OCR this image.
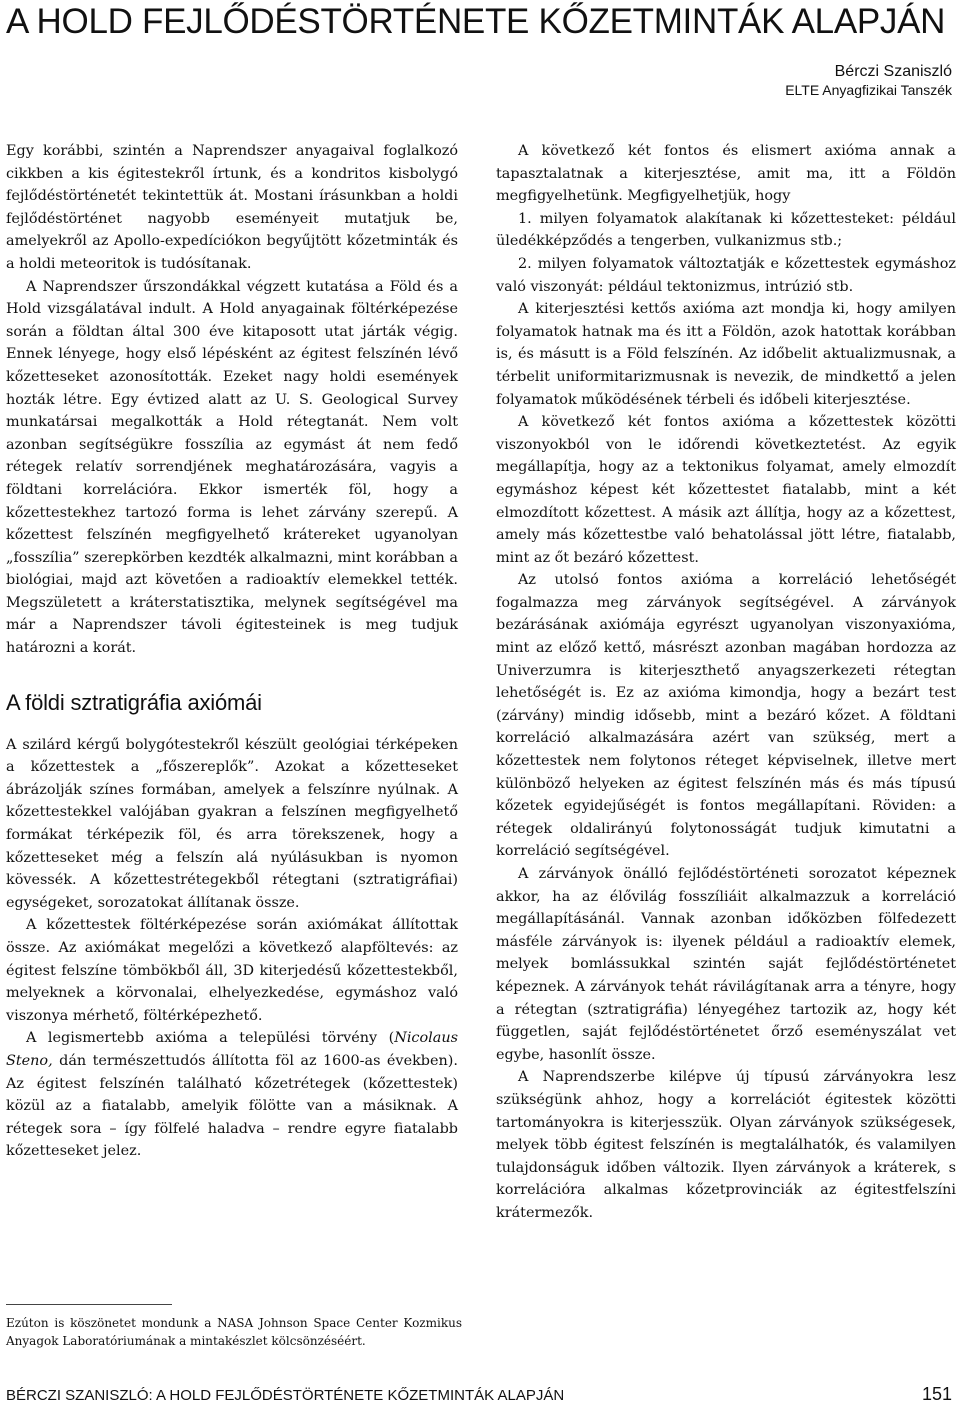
A HOLD FEJLŐDÉSTÖRTÉNETE KŐZETMINTÁK ALAPJÁN
Bérczi Szaniszló
ELTE Anyagfizikai Tanszék

Egy korábbi, szintén a Naprendszer anyagaival foglalkozó cikkben a kis égitestekről írtunk, és a kondritos kisbolygó fejlődéstörténetét tekintettük át. Mostani írásunkban a holdi fejlődéstörténet nagyobb eseményeit mutatjuk be, amelyekről az Apollo-expedíciókon begyűjtött kőzetminták és a holdi meteoritok is tudósítanak.

A Naprendszer űrszondákkal végzett kutatása a Föld és a Hold vizsgálatával indult. A Hold anyagainak föltérképezése során a földtan által 300 éve kitaposott utat járták végig. Ennek lényege, hogy első lépésként az égitest felszínén lévő kőzetteseket azonosították. Ezeket nagy holdi események hozták létre. Egy évtized alatt az U. S. Geological Survey munkatársai megalkották a Hold rétegtanát. Nem volt azonban segítségükre fosszília az egymást át nem fedő rétegek relatív sorrendjének meghatározására, vagyis a földtani korrelációra. Ekkor ismerték föl, hogy a kőzettestekhez tartozó forma is lehet zárvány szerepű. A kőzettest felszínén megfigyelhető krátereket ugyanolyan „fosszília” szerepkörben kezdték alkalmazni, mint korábban a biológiai, majd azt követően a radioaktív elemekkel tették. Megszületett a kráterstatisztika, melynek segítségével ma már a Naprendszer távoli égitesteinek is meg tudjuk határozni a korát.

A földi sztratigráfia axiómái

A szilárd kérgű bolygótestekről készült geológiai térképeken a kőzettestek a „főszereplők”. Azokat a kőzetteseket ábrázolják színes formában, amelyek a felszínre nyúlnak. A kőzettestekkel valójában gyakran a felszínen megfigyelhető formákat térképezik föl, és arra törekszenek, hogy a kőzetteseket még a felszín alá nyúlásukban is nyomon kövessék. A kőzettestrétegekből rétegtani (sztratigráfiai) egységeket, sorozatokat állítanak össze.

A kőzettestek föltérképezése során axiómákat állítottak össze. Az axiómákat megelőzi a következő alapföltevés: az égitest felszíne tömbökből áll, 3D kiterjedésű kőzettestekből, melyeknek a körvonalai, elhelyezkedése, egymáshoz való viszonya mérhető, föltérképezhető.

A legismertebb axióma a települési törvény (Nicolaus Steno, dán természettudós állította föl az 1600-as években). Az égitest felszínén található kőzetrétegek (kőzettestek) közül az a fiatalabb, amelyik fölötte van a másiknak. A rétegek sora – így fölfelé haladva – rendre egyre fiatalabb kőzetteseket jelez.

Ezúton is köszönetet mondunk a NASA Johnson Space Center Kozmikus Anyagok Laboratóriumának a mintakészlet kölcsönzéséért.

A következő két fontos és elismert axióma annak a tapasztalatnak a kiterjesztése, amit ma, itt a Földön megfigyelhetünk. Megfigyelhetjük, hogy

1. milyen folyamatok alakítanak ki kőzettesteket: például üledékképződés a tengerben, vulkanizmus stb.;

2. milyen folyamatok változtatják e kőzettestek egymáshoz való viszonyát: például tektonizmus, intrúzió stb.

A kiterjesztési kettős axióma azt mondja ki, hogy amilyen folyamatok hatnak ma és itt a Földön, azok hatottak korábban is, és másutt is a Föld felszínén. Az időbelit aktualizmusnak, a térbelit uniformitarizmusnak is nevezik, de mindkettő a jelen folyamatok működésének térbeli és időbeli kiterjesztése.

A következő két fontos axióma a kőzettestek közötti viszonyokból von le időrendi következtetést. Az egyik megállapítja, hogy az a tektonikus folyamat, amely elmozdít egymáshoz képest két kőzettestet fiatalabb, mint a két elmozdított kőzettest. A másik azt állítja, hogy az a kőzettest, amely más kőzettestbe való behatolással jött létre, fiatalabb, mint az őt bezáró kőzettest.

Az utolsó fontos axióma a korreláció lehetőségét fogalmazza meg zárványok segítségével. A zárványok bezárásának axiómája egyrészt ugyanolyan viszonyaxióma, mint az előző kettő, másrészt azonban magában hordozza az Univerzumra is kiterjeszthető anyagszerkezeti rétegtan lehetőségét is. Ez az axióma kimondja, hogy a bezárt test (zárvány) mindig idősebb, mint a bezáró kőzet. A földtani korreláció alkalmazására azért van szükség, mert a kőzettestek nem folytonos réteget képviselnek, illetve mert különböző helyeken az égitest felszínén más és más típusú kőzetek egyidejűségét is fontos megállapítani. Röviden: a rétegek oldalirányú folytonosságát tudjuk kimutatni a korreláció segítségével.

A zárványok önálló fejlődéstörténeti sorozatot képeznek akkor, ha az élővilág fosszíliáit alkalmazzuk a korreláció megállapításánál. Vannak azonban időközben fölfedezett másféle zárványok is: ilyenek például a radioaktív elemek, melyek bomlássukkal szintén saját fejlődéstörténetet képeznek. A zárványok tehát rávilágítanak arra a tényre, hogy a rétegtan (sztratigráfia) lényegéhez tartozik az, hogy két független, saját fejlődéstörténetet őrző eseményszálat vet egybe, hasonlít össze.

A Naprendszerbe kilépve új típusú zárványokra lesz szükségünk ahhoz, hogy a korrelációt égitestek közötti tartományokra is kiterjesszük. Olyan zárványok szükségesek, melyek több égitest felszínén is megtalálhatók, és valamilyen tulajdonságuk időben változik. Ilyen zárványok a kráterek, s korrelációra alkalmas kőzetprovinciák az égitestfelszíni krátermezők.

BÉRCZI SZANISZLÓ: A HOLD FEJLŐDÉSTÖRTÉNETE KŐZETMINTÁK ALAPJÁN	151
